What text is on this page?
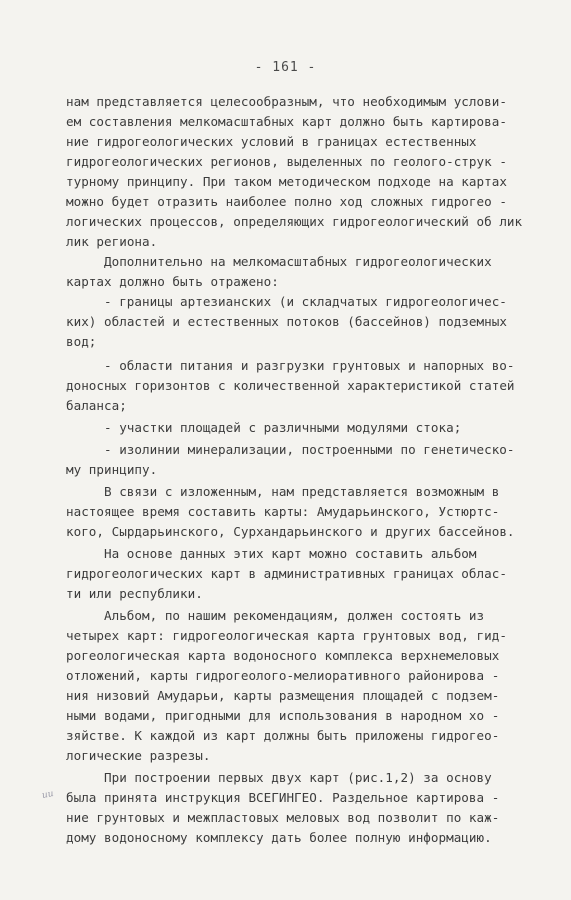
- 161 -
нам представляется целесообразным, что необходимым услови-
ем составления мелкомасштабных карт должно быть картирова-
ние гидрогеологических условий в границах естественных
гидрогеологических регионов, выделенных по геолого-струк -
турному принципу. При таком методическом подходе на картах
можно будет отразить наиболее полно ход сложных гидрогео -
логических процессов, определяющих гидрогеологический об лик
лик региона.
Дополнительно на мелкомасштабных гидрогеологических
картах должно быть отражено:
- границы артезианских (и складчатых гидрогеологичес-
ких) областей и естественных потоков (бассейнов) подземных
вод;
- области питания и разгрузки грунтовых и напорных во-
доносных горизонтов с количественной характеристикой статей
баланса;
- участки площадей с различными модулями стока;
- изолинии минерализации, построенными по генетическо-
му принципу.
В связи с изложенным, нам представляется возможным в
настоящее время составить карты: Амударьинского, Устюртс-
кого, Сырдарьинского, Сурхандарьинского и других бассейнов.
На основе данных этих карт можно составить альбом
гидрогеологических карт в административных границах облас-
ти или республики.
Альбом, по нашим рекомендациям, должен состоять из
четырех карт: гидрогеологическая карта грунтовых вод, гид-
рогеологическая карта водоносного комплекса верхнемеловых
отложений, карты гидрогеолого-мелиоративного районирова -
ния низовий Амударьи, карты размещения площадей с подзем-
ными водами, пригодными для использования в народном хо -
зяйстве. К каждой из карт должны быть приложены гидрогео-
логические разрезы.
При построении первых двух карт (рис.1,2) за основу
была принята инструкция ВСЕГИНГЕО. Раздельное картирова -
ние грунтовых и межпластовых меловых вод позволит по каж-
дому водоносному комплексу дать более полную информацию.
ии
